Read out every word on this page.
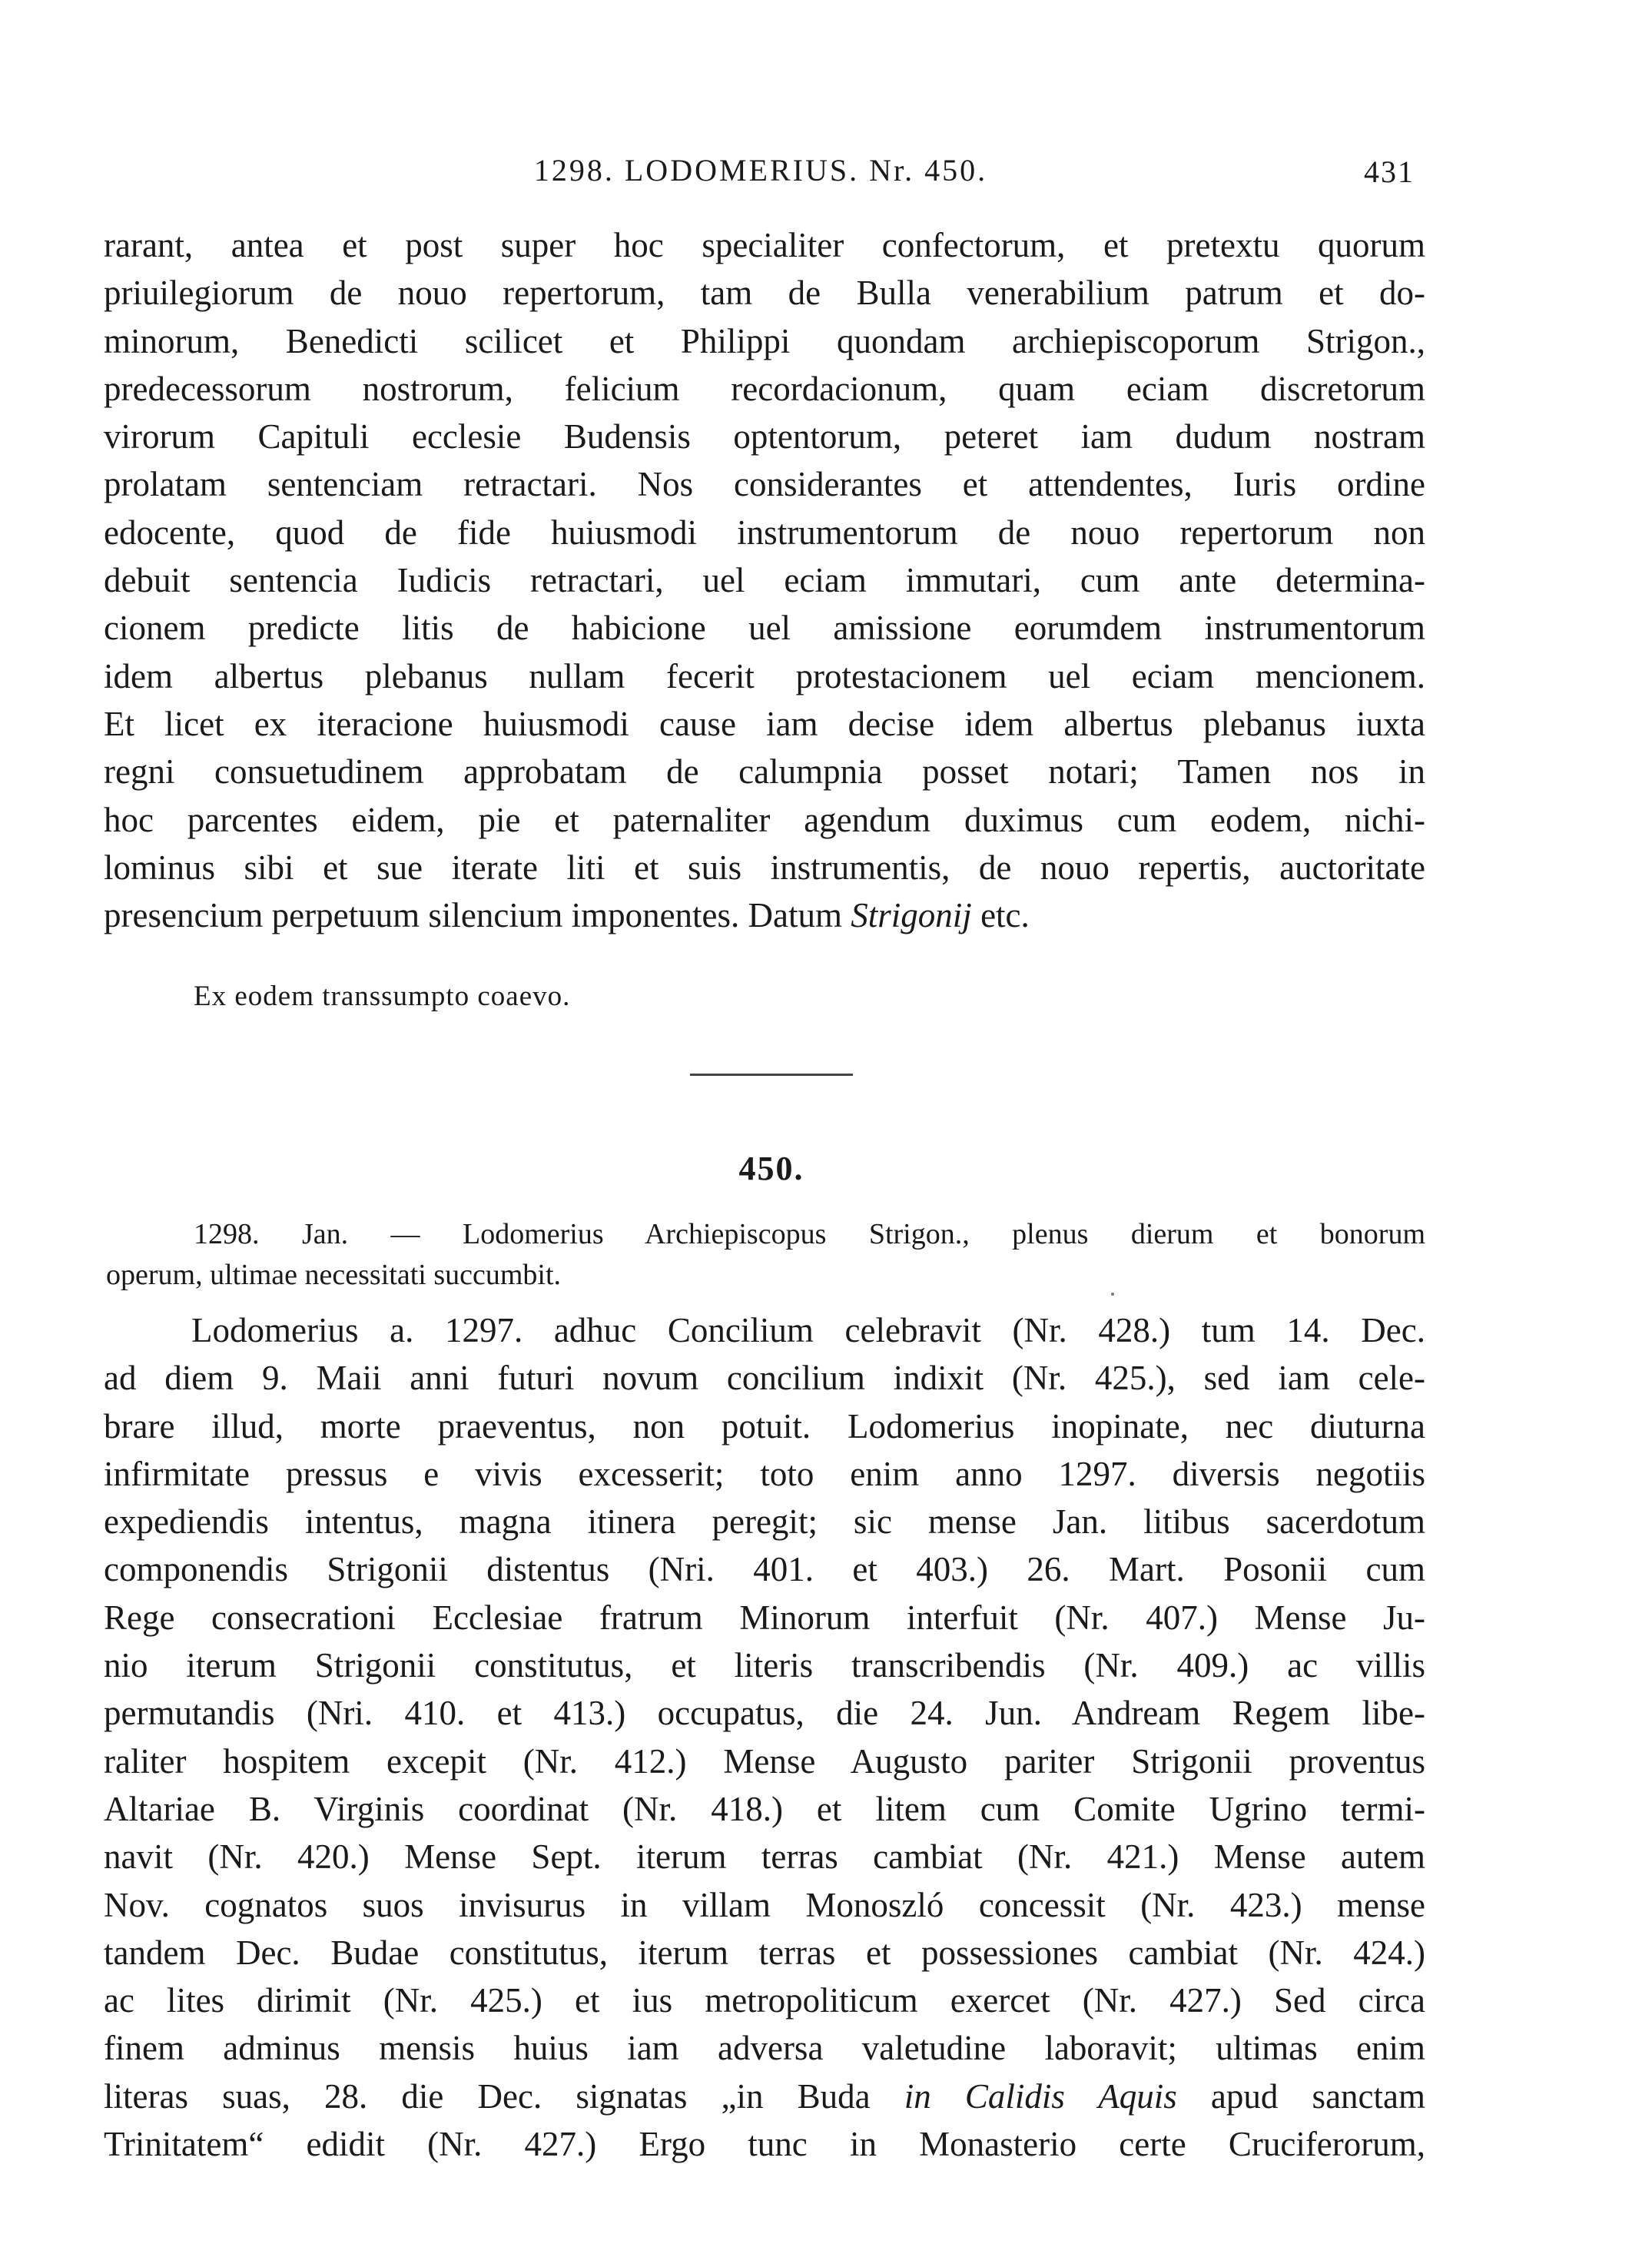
1298. LODOMERIUS. Nr. 450.	431
rarant, antea et post super hoc specialiter confectorum, et pretextu quorum
priuilegiorum de nouo repertorum, tam de Bulla venerabilium patrum et do-
minorum, Benedicti scilicet et Philippi quondam archiepiscoporum Strigon.,
predecessorum nostrorum, felicium recordacionum, quam eciam discretorum
virorum Capituli ecclesie Budensis optentorum, peteret iam dudum nostram
prolatam sentenciam retractari. Nos considerantes et attendentes, Iuris ordine
edocente, quod de fide huiusmodi instrumentorum de nouo repertorum non
debuit sentencia Iudicis retractari, uel eciam immutari, cum ante determina-
cionem predicte litis de habicione uel amissione eorumdem instrumentorum
idem albertus plebanus nullam fecerit protestacionem uel eciam mencionem.
Et licet ex iteracione huiusmodi cause iam decise idem albertus plebanus iuxta
regni consuetudinem approbatam de calumpnia posset notari; Tamen nos in
hoc parcentes eidem, pie et paternaliter agendum duximus cum eodem, nichi-
lominus sibi et sue iterate liti et suis instrumentis, de nouo repertis, auctoritate
presencium perpetuum silencium imponentes. Datum Strigonij etc.
Ex eodem transsumpto coaevo.
450.
1298. Jan. — Lodomerius Archiepiscopus Strigon., plenus dierum et bonorum
operum, ultimae necessitati succumbit.
Lodomerius a. 1297. adhuc Concilium celebravit (Nr. 428.) tum 14. Dec.
ad diem 9. Maii anni futuri novum concilium indixit (Nr. 425.), sed iam cele-
brare illud, morte praeventus, non potuit. Lodomerius inopinate, nec diuturna
infirmitate pressus e vivis excesserit; toto enim anno 1297. diversis negotiis
expediendis intentus, magna itinera peregit; sic mense Jan. litibus sacerdotum
componendis Strigonii distentus (Nri. 401. et 403.) 26. Mart. Posonii cum
Rege consecrationi Ecclesiae fratrum Minorum interfuit (Nr. 407.) Mense Ju-
nio iterum Strigonii constitutus, et literis transcribendis (Nr. 409.) ac villis
permutandis (Nri. 410. et 413.) occupatus, die 24. Jun. Andream Regem libe-
raliter hospitem excepit (Nr. 412.) Mense Augusto pariter Strigonii proventus
Altariae B. Virginis coordinat (Nr. 418.) et litem cum Comite Ugrino termi-
navit (Nr. 420.) Mense Sept. iterum terras cambiat (Nr. 421.) Mense autem
Nov. cognatos suos invisurus in villam Monoszló concessit (Nr. 423.) mense
tandem Dec. Budae constitutus, iterum terras et possessiones cambiat (Nr. 424.)
ac lites dirimit (Nr. 425.) et ius metropoliticum exercet (Nr. 427.) Sed circa
finem adminus mensis huius iam adversa valetudine laboravit; ultimas enim
literas suas, 28. die Dec. signatas „in Buda in Calidis Aquis apud sanctam
Trinitatem“ edidit (Nr. 427.) Ergo tunc in Monasterio certe Cruciferorum,
